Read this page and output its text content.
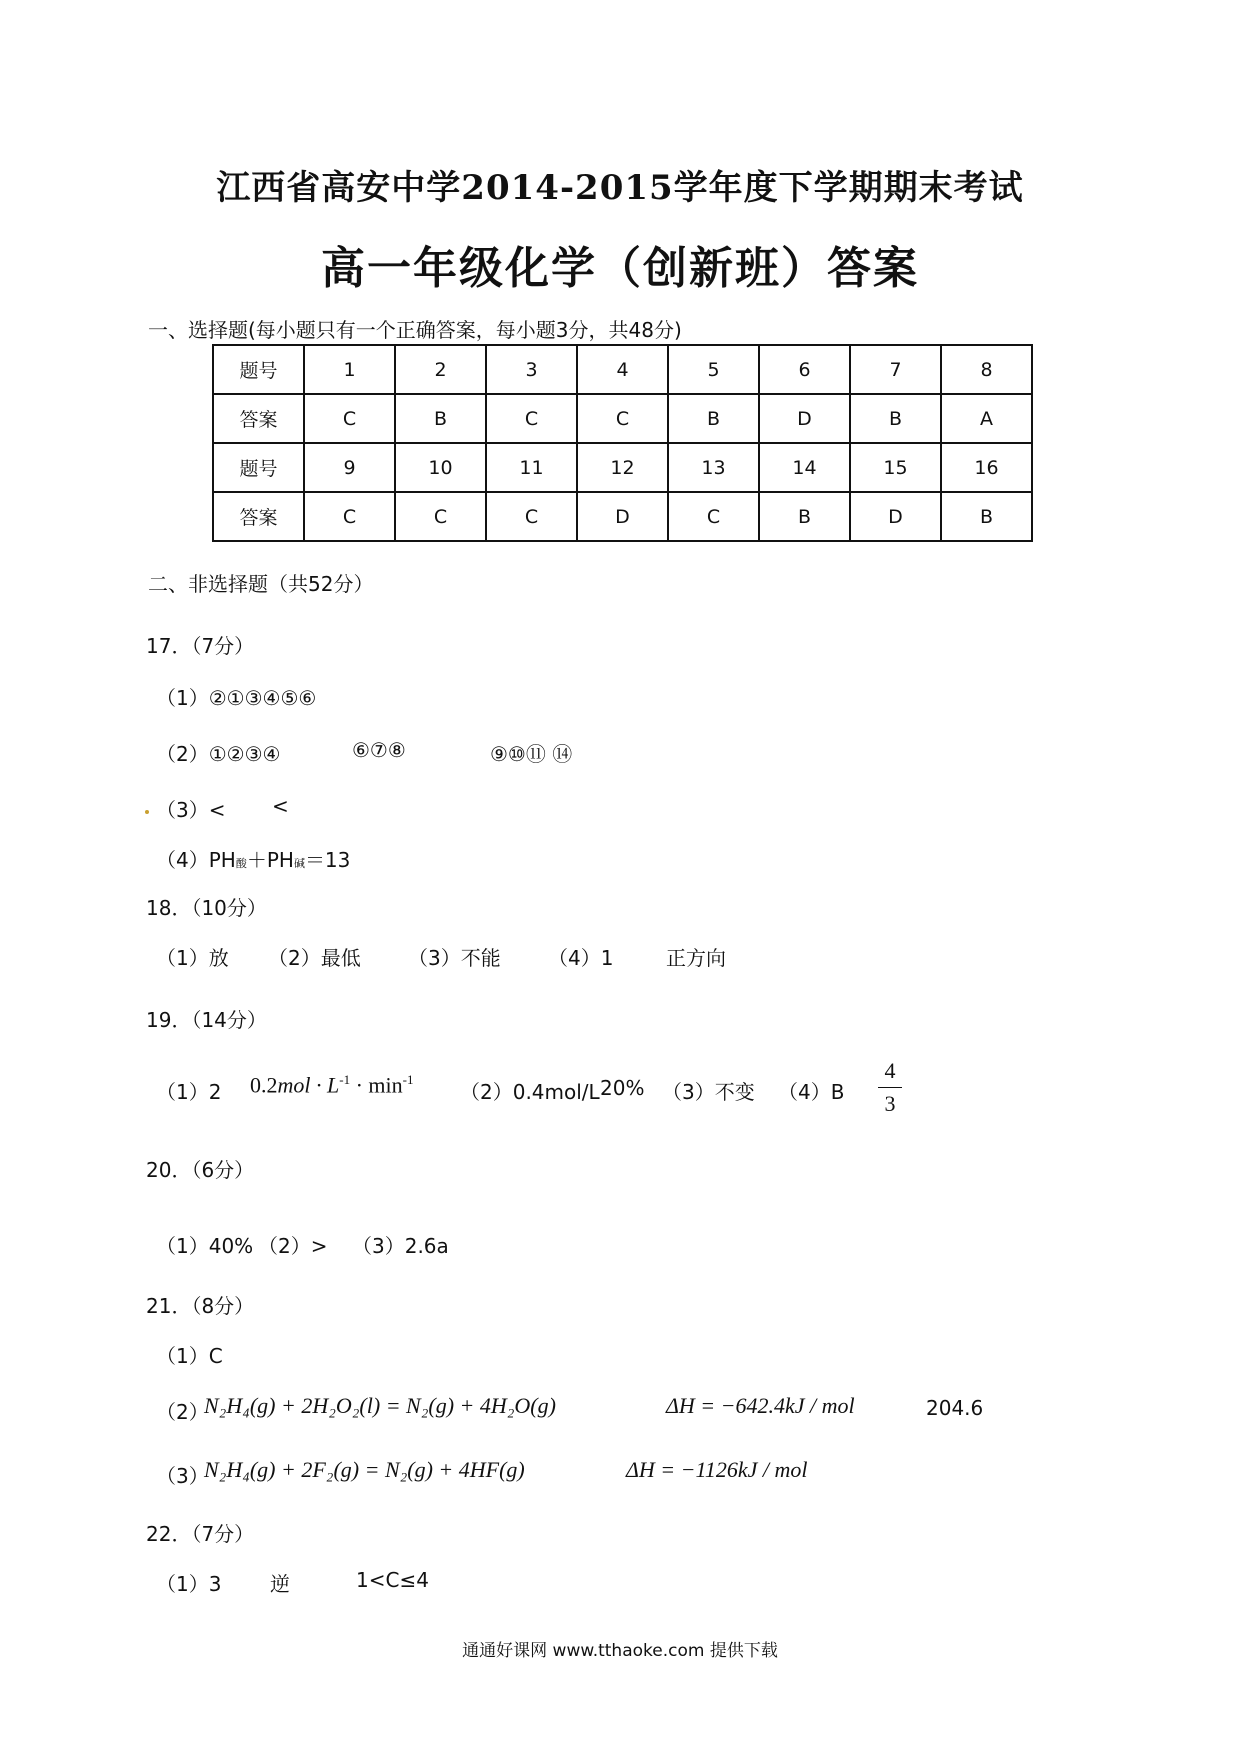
江西省高安中学2014-2015学年度下学期期末考试
高一年级化学（创新班）答案
一、选择题(每小题只有一个正确答案，每小题3分，共48分)
题号	1	2	3	4	5	6	7	8
答案	C	B	C	C	B	D	B	A
题号	9	10	11	12	13	14	15	16
答案	C	C	C	D	C	B	D	B
二、非选择题（共52分）
17．（7分）
（1）②①③④⑤⑥
（2）①②③④	⑥⑦⑧	⑨⑩⑪ ⑭
（3）< <
（4）PH酸＋PH碱＝13
18．（10分）
（1）放 （2）最低 （3）不能 （4）1	正方向
19．（14分）
（1）2 $0.2mol \cdot L^{-1} \cdot \min^{-1}$
（2）0.4mol/L 20% （3）不变 （4）B
4
3
20．（6分）
（1）40% （2）> （3）2.6a
21．（8分）
（1）C
（2）
N₂H₄(g) + 2H₂O₂(l) = N₂(g) + 4H₂O(g)	ΔH = −642.4kJ / mol	204.6
（3）
N₂H₄(g) + 2F₂(g) = N₂(g) + 4HF(g)	ΔH = −1126kJ / mol
22．（7分）
（1）3 逆	1<C≤4
通通好课网 www.tthaoke.com 提供下载
